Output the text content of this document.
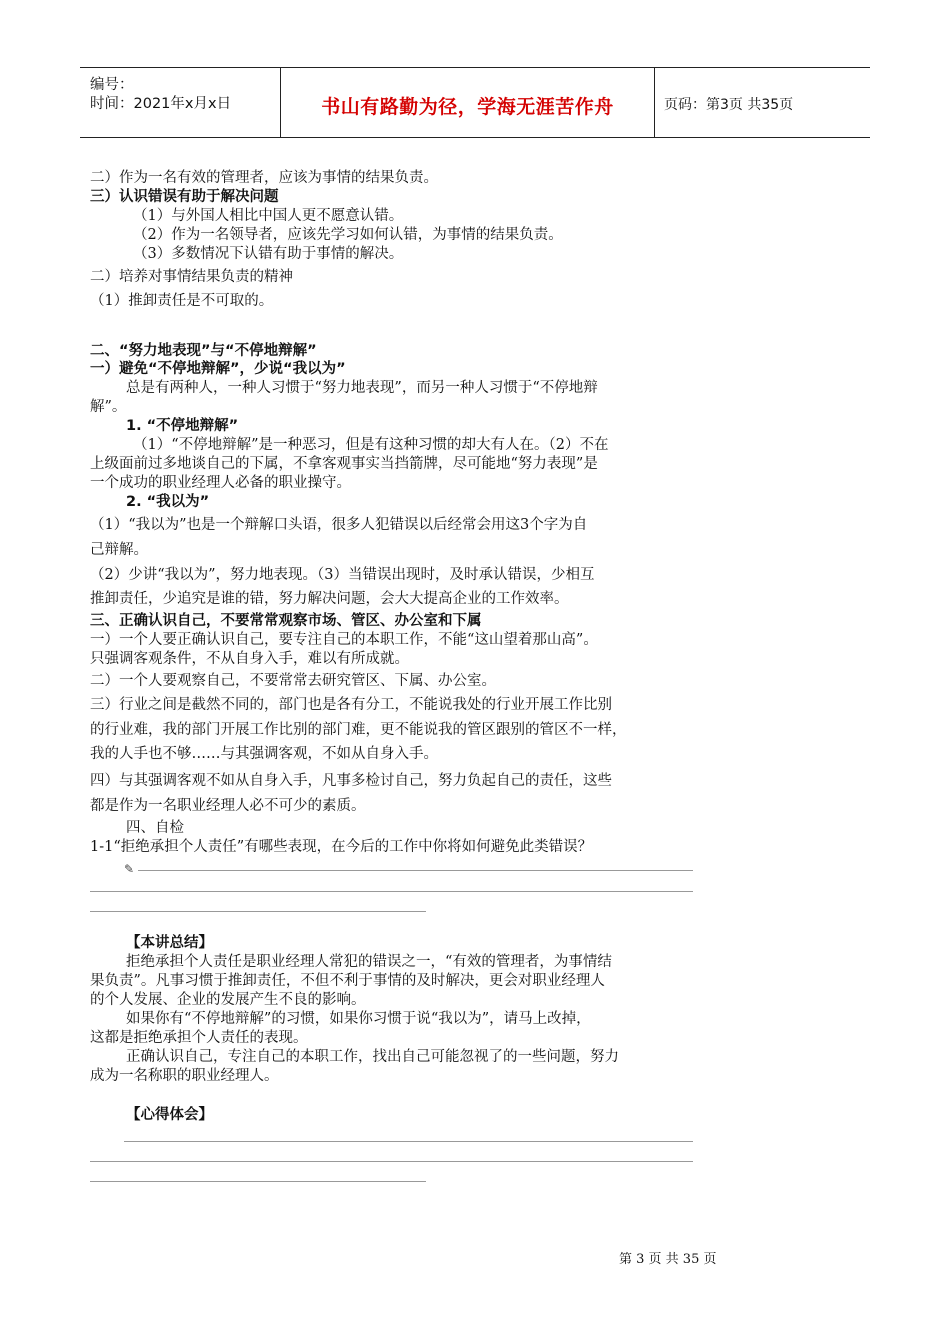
编号：
时间：2021年x月x日	书山有路勤为径，学海无涯苦作舟	页码：第3页 共35页
二）作为一名有效的管理者，应该为事情的结果负责。
三）认识错误有助于解决问题
（1）与外国人相比中国人更不愿意认错。
（2）作为一名领导者，应该先学习如何认错，为事情的结果负责。
（3）多数情况下认错有助于事情的解决。
二）培养对事情结果负责的精神
（1）推卸责任是不可取的。
二、“努力地表现”与“不停地辩解”
一）避免“不停地辩解”，少说“我以为”
总是有两种人，一种人习惯于“努力地表现”，而另一种人习惯于“不停地辩
解”。
1. “不停地辩解”
（1）“不停地辩解”是一种恶习，但是有这种习惯的却大有人在。（2）不在
上级面前过多地谈自己的下属，不拿客观事实当挡箭牌，尽可能地“努力表现”是
一个成功的职业经理人必备的职业操守。
2. “我以为”
（1）“我以为”也是一个辩解口头语，很多人犯错误以后经常会用这3个字为自
己辩解。
（2）少讲“我以为”，努力地表现。（3）当错误出现时，及时承认错误，少相互
推卸责任，少追究是谁的错，努力解决问题，会大大提高企业的工作效率。
三、正确认识自己，不要常常观察市场、管区、办公室和下属
一）一个人要正确认识自己，要专注自己的本职工作，不能“这山望着那山高”。
只强调客观条件，不从自身入手，难以有所成就。
二）一个人要观察自己，不要常常去研究管区、下属、办公室。
三）行业之间是截然不同的，部门也是各有分工，不能说我处的行业开展工作比别
的行业难，我的部门开展工作比别的部门难，更不能说我的管区跟别的管区不一样，
我的人手也不够……与其强调客观，不如从自身入手。
四）与其强调客观不如从自身入手，凡事多检讨自己，努力负起自己的责任，这些
都是作为一名职业经理人必不可少的素质。
四、自检
1-1“拒绝承担个人责任”有哪些表现，在今后的工作中你将如何避免此类错误？
✎
【本讲总结】
拒绝承担个人责任是职业经理人常犯的错误之一，“有效的管理者，为事情结
果负责”。凡事习惯于推卸责任，不但不利于事情的及时解决，更会对职业经理人
的个人发展、企业的发展产生不良的影响。
如果你有“不停地辩解”的习惯，如果你习惯于说“我以为”，请马上改掉，
这都是拒绝承担个人责任的表现。
正确认识自己，专注自己的本职工作，找出自己可能忽视了的一些问题，努力
成为一名称职的职业经理人。
【心得体会】
第 3 页 共 35 页
